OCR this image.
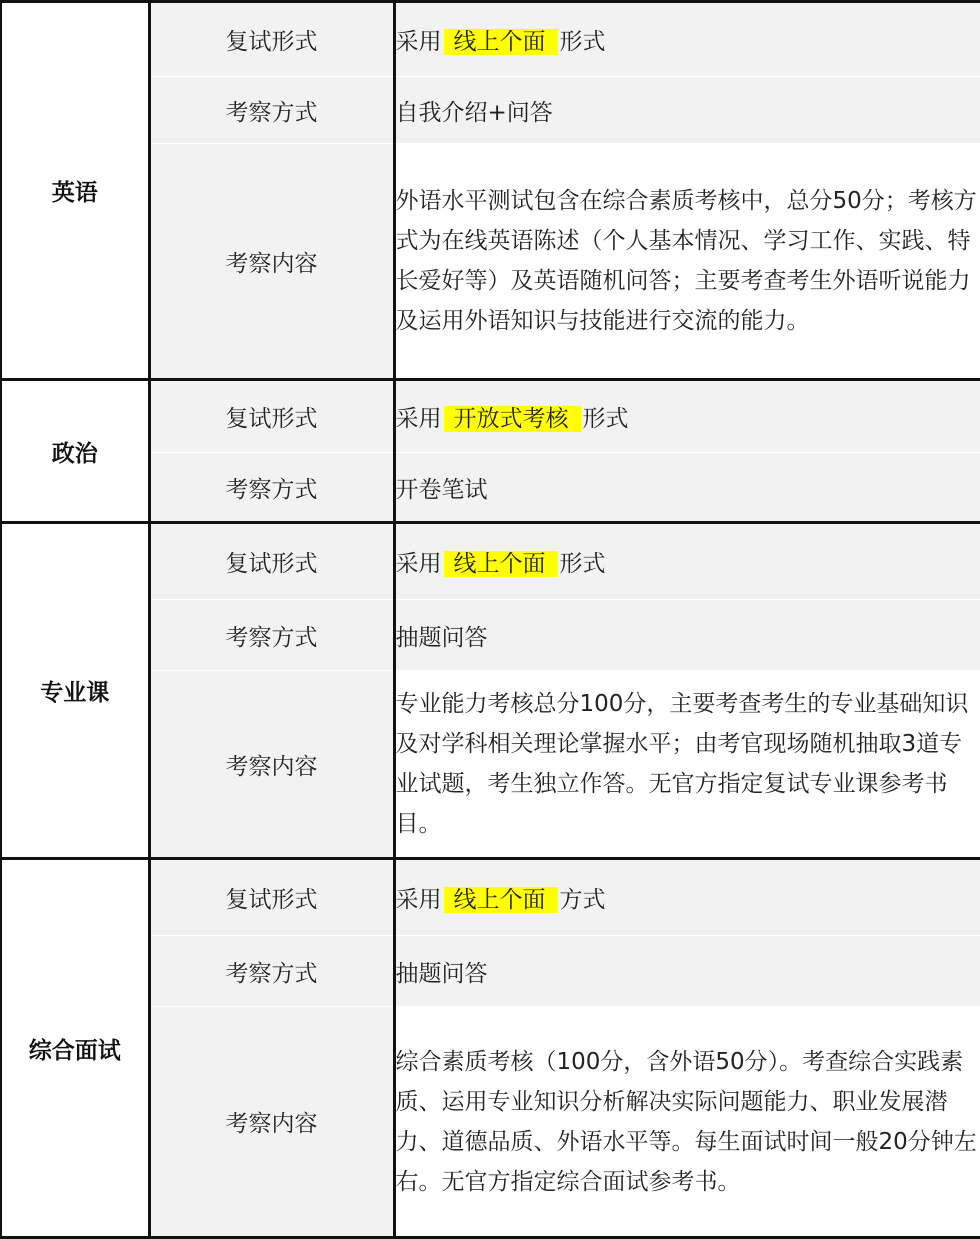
英语	复试形式	采用 线上个面 形式
	考察方式	自我介绍+问答
	考察内容	外语水平测试包含在综合素质考核中，总分50分；考核方式为在线英语陈述（个人基本情况、学习工作、实践、特长爱好等）及英语随机问答；主要考查考生外语听说能力及运用外语知识与技能进行交流的能力。
政治	复试形式	采用 开放式考核 形式
	考察方式	开卷笔试
专业课	复试形式	采用 线上个面 形式
	考察方式	抽题问答
	考察内容	专业能力考核总分100分，主要考查考生的专业基础知识及对学科相关理论掌握水平；由考官现场随机抽取3道专业试题，考生独立作答。无官方指定复试专业课参考书目。
综合面试	复试形式	采用 线上个面 方式
	考察方式	抽题问答
	考察内容	综合素质考核（100分，含外语50分）。考查综合实践素质、运用专业知识分析解决实际问题能力、职业发展潜力、道德品质、外语水平等。每生面试时间一般20分钟左右。无官方指定综合面试参考书。
